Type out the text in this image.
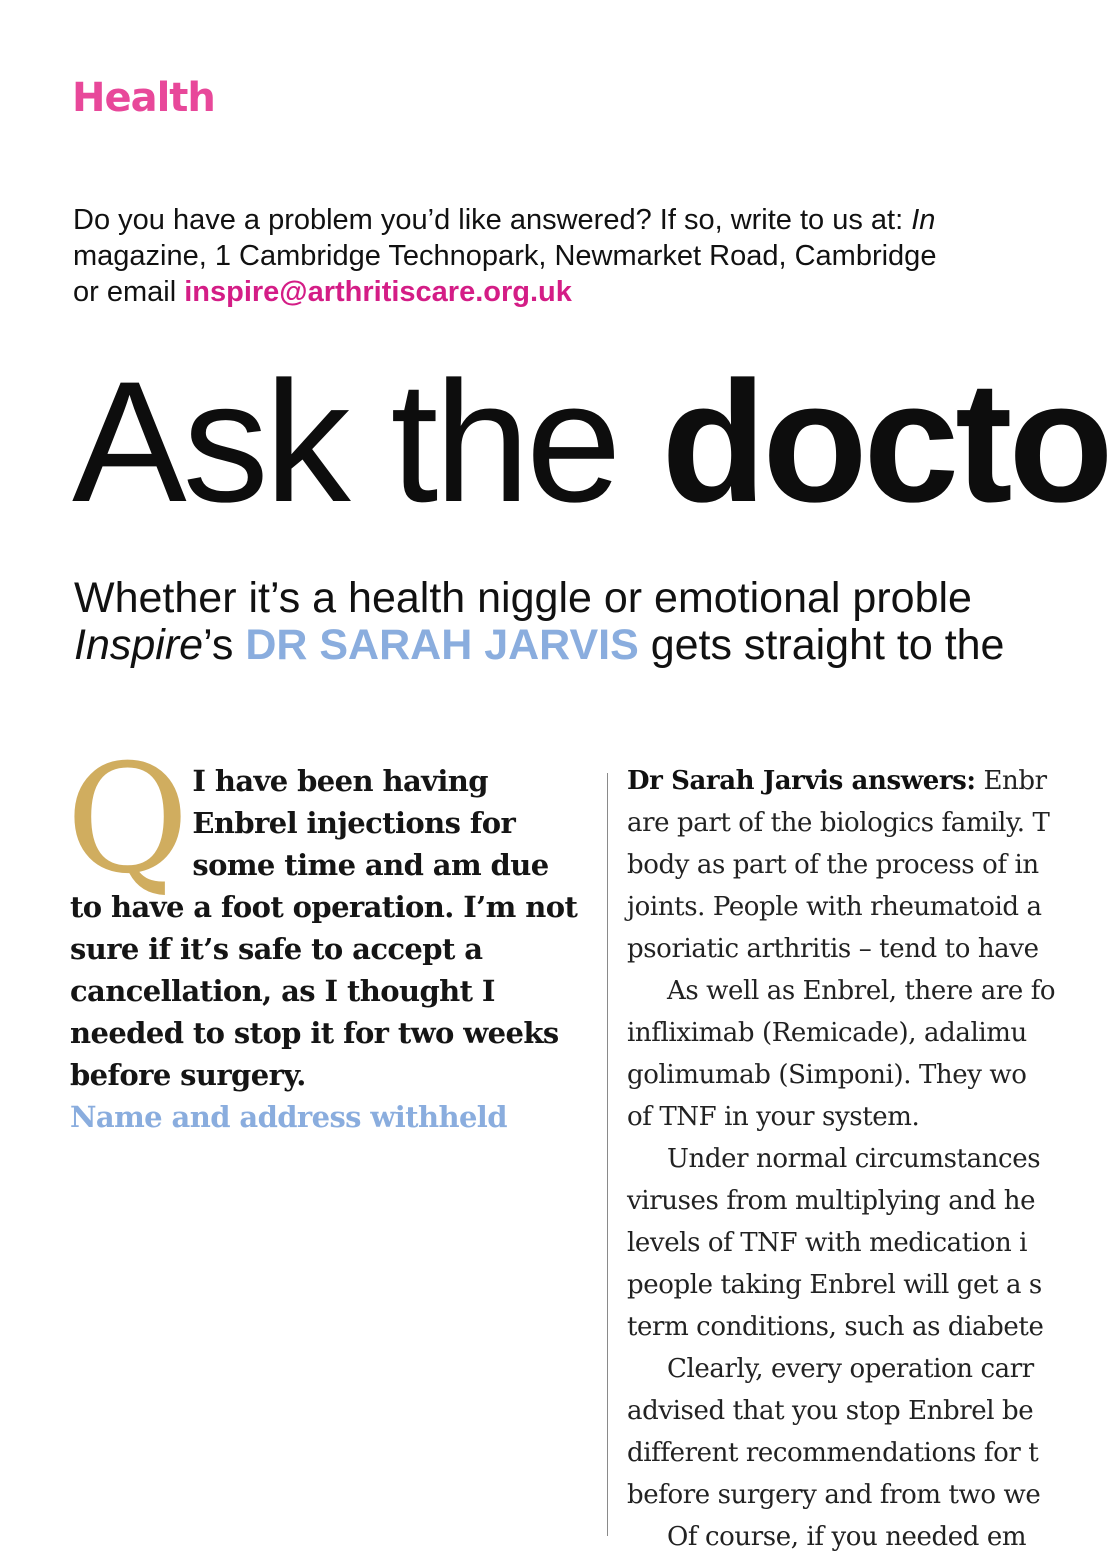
Health
Do you have a problem you’d like answered? If so, write to us at: In
magazine, 1 Cambridge Technopark, Newmarket Road, Cambridge
or email inspire@arthritiscare.org.uk
Ask the docto
Whether it’s a health niggle or emotional proble
Inspire’s DR SARAH JARVIS gets straight to the
Q I have been having Enbrel injections for some time and am due to have a foot operation. I’m not sure if it’s safe to accept a cancellation, as I thought I needed to stop it for two weeks before surgery.
Name and address withheld
Dr Sarah Jarvis answers: Enbr
are part of the biologics family. T
body as part of the process of in
joints. People with rheumatoid a
psoriatic arthritis – tend to have
As well as Enbrel, there are fo
infliximab (Remicade), adalimu
golimumab (Simponi). They wo
of TNF in your system.
Under normal circumstances
viruses from multiplying and he
levels of TNF with medication i
people taking Enbrel will get a s
term conditions, such as diabete
Clearly, every operation carr
advised that you stop Enbrel be
different recommendations for t
before surgery and from two we
Of course, if you needed em
